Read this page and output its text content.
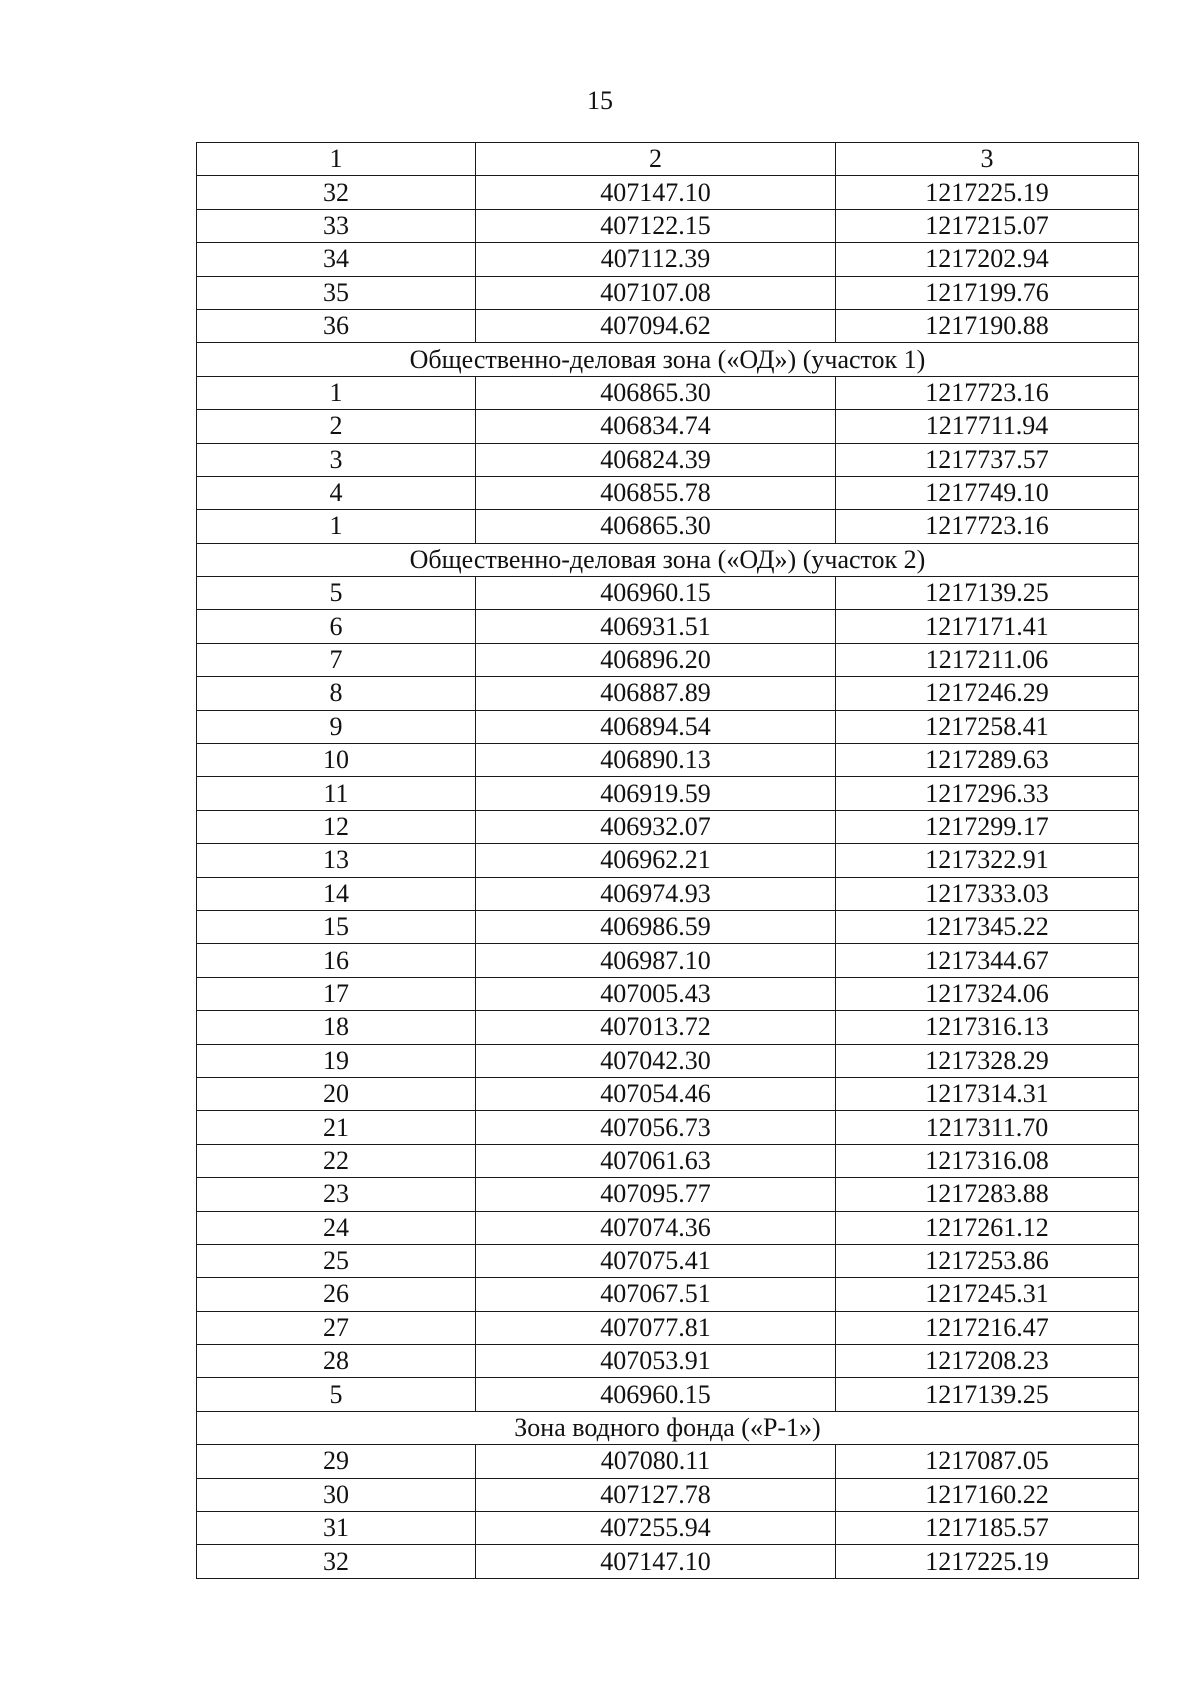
15
1	2	3
32	407147.10	1217225.19
33	407122.15	1217215.07
34	407112.39	1217202.94
35	407107.08	1217199.76
36	407094.62	1217190.88
Общественно-деловая зона («ОД») (участок 1)		
1	406865.30	1217723.16
2	406834.74	1217711.94
3	406824.39	1217737.57
4	406855.78	1217749.10
1	406865.30	1217723.16
Общественно-деловая зона («ОД») (участок 2)		
5	406960.15	1217139.25
6	406931.51	1217171.41
7	406896.20	1217211.06
8	406887.89	1217246.29
9	406894.54	1217258.41
10	406890.13	1217289.63
11	406919.59	1217296.33
12	406932.07	1217299.17
13	406962.21	1217322.91
14	406974.93	1217333.03
15	406986.59	1217345.22
16	406987.10	1217344.67
17	407005.43	1217324.06
18	407013.72	1217316.13
19	407042.30	1217328.29
20	407054.46	1217314.31
21	407056.73	1217311.70
22	407061.63	1217316.08
23	407095.77	1217283.88
24	407074.36	1217261.12
25	407075.41	1217253.86
26	407067.51	1217245.31
27	407077.81	1217216.47
28	407053.91	1217208.23
5	406960.15	1217139.25
Зона водного фонда («Р-1»)		
29	407080.11	1217087.05
30	407127.78	1217160.22
31	407255.94	1217185.57
32	407147.10	1217225.19
